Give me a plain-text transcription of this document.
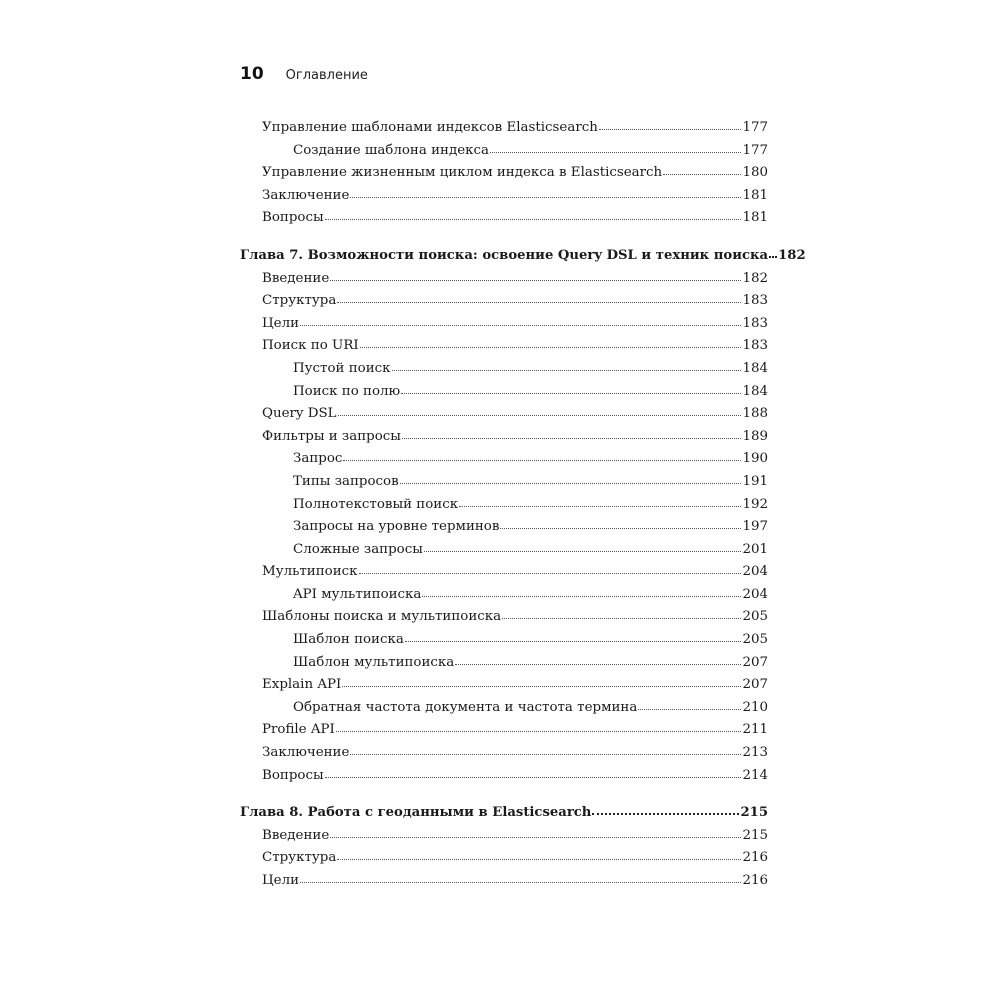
10 Оглавление
Управление шаблонами индексов Elasticsearch	177
Создание шаблона индекса	177
Управление жизненным циклом индекса в Elasticsearch	180
Заключение	181
Вопросы	181
Глава 7. Возможности поиска: освоение Query DSL и техник поиска 182
Введение	182
Структура	183
Цели	183
Поиск по URI	183
Пустой поиск	184
Поиск по полю	184
Query DSL	188
Фильтры и запросы	189
Запрос	190
Типы запросов	191
Полнотекстовый поиск	192
Запросы на уровне терминов	197
Сложные запросы	201
Мультипоиск	204
API мультипоиска	204
Шаблоны поиска и мультипоиска	205
Шаблон поиска	205
Шаблон мультипоиска	207
Explain API	207
Обратная частота документа и частота термина	210
Profile API	211
Заключение	213
Вопросы	214
Глава 8. Работа с геоданными в Elasticsearch	215
Введение	215
Структура	216
Цели	216
